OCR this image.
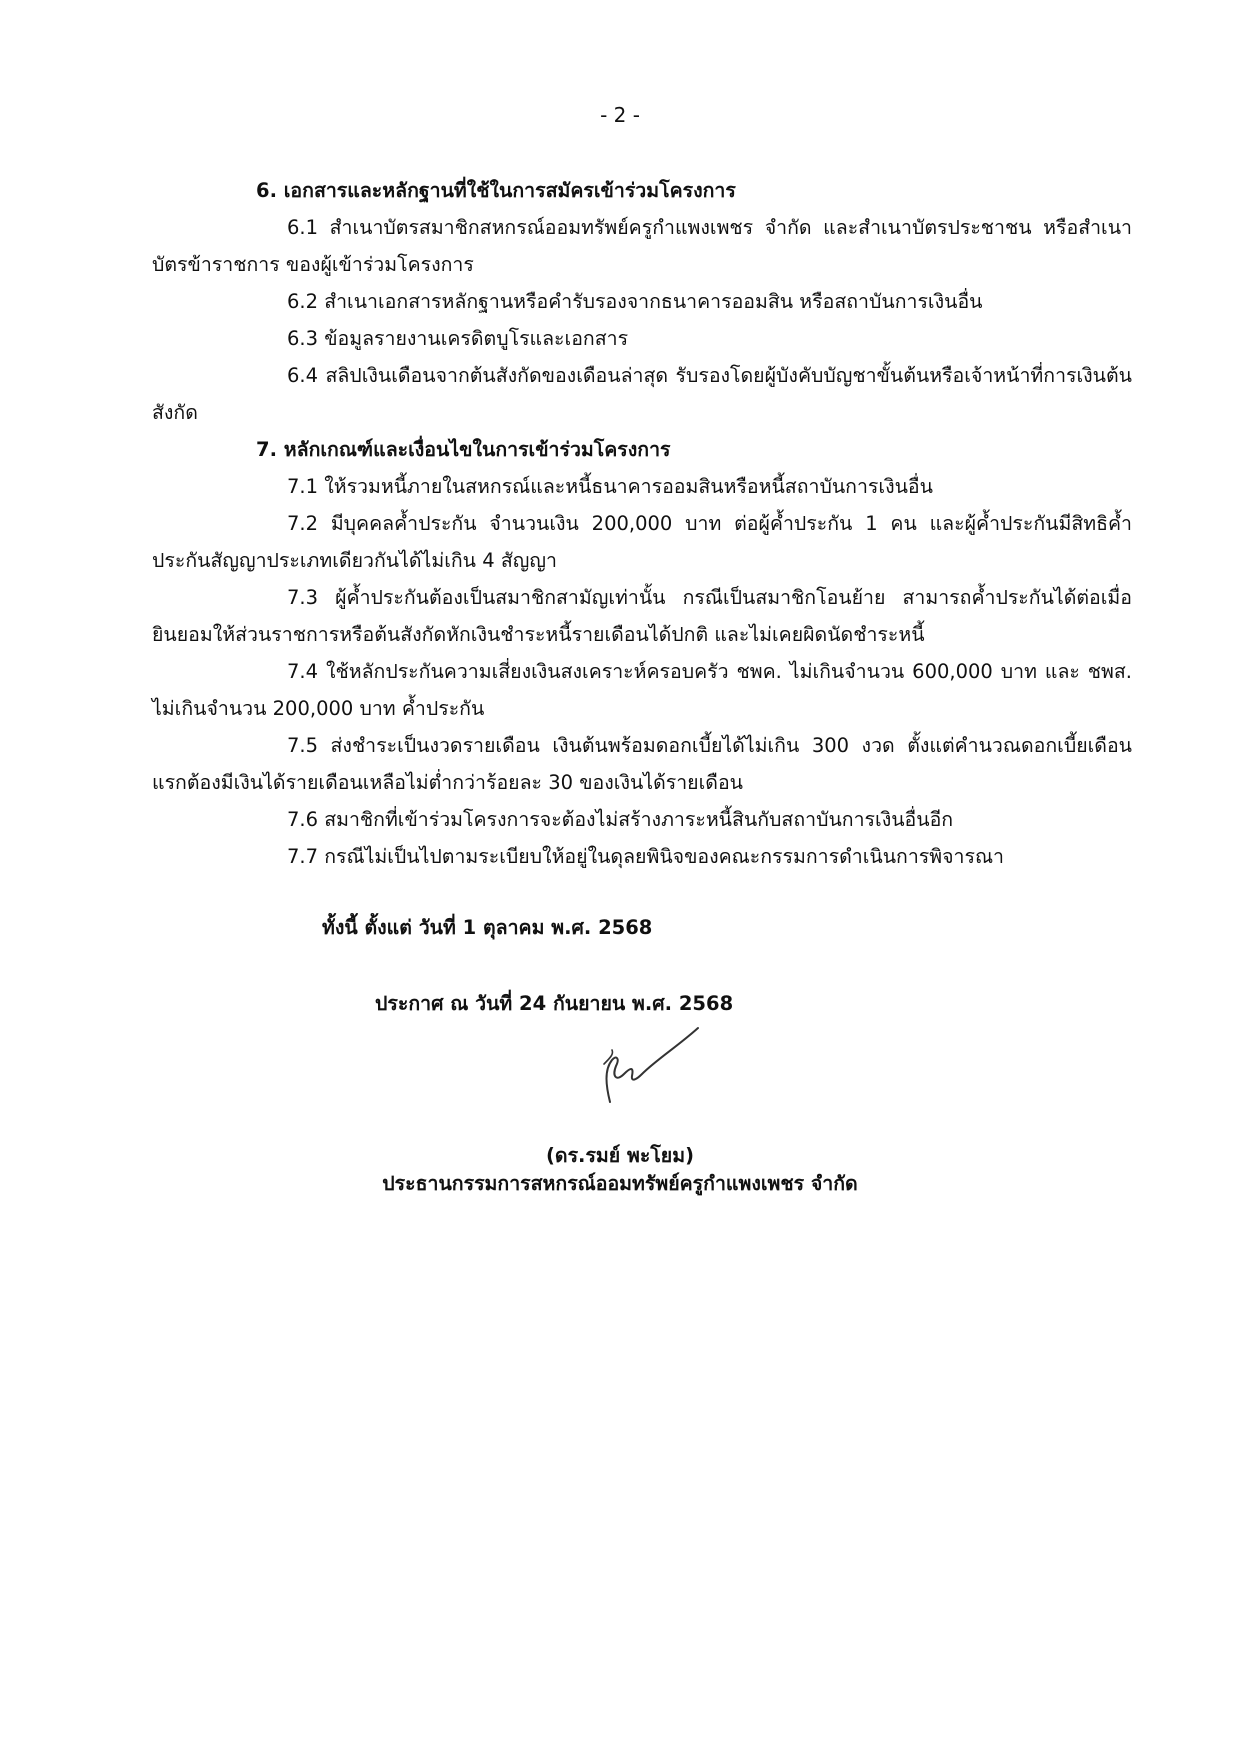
- 2 -
6. เอกสารและหลักฐานที่ใช้ในการสมัครเข้าร่วมโครงการ
6.1 สำเนาบัตรสมาชิกสหกรณ์ออมทรัพย์ครูกำแพงเพชร จำกัด และสำเนาบัตรประชาชน หรือสำเนาบัตรข้าราชการ ของผู้เข้าร่วมโครงการ
6.2 สำเนาเอกสารหลักฐานหรือคำรับรองจากธนาคารออมสิน หรือสถาบันการเงินอื่น
6.3 ข้อมูลรายงานเครดิตบูโรและเอกสาร
6.4 สลิปเงินเดือนจากต้นสังกัดของเดือนล่าสุด รับรองโดยผู้บังคับบัญชาขั้นต้นหรือเจ้าหน้าที่การเงินต้นสังกัด
7. หลักเกณฑ์และเงื่อนไขในการเข้าร่วมโครงการ
7.1 ให้รวมหนี้ภายในสหกรณ์และหนี้ธนาคารออมสินหรือหนี้สถาบันการเงินอื่น
7.2 มีบุคคลค้ำประกัน จำนวนเงิน 200,000 บาท ต่อผู้ค้ำประกัน 1 คน และผู้ค้ำประกันมีสิทธิค้ำประกันสัญญาประเภทเดียวกันได้ไม่เกิน 4 สัญญา
7.3 ผู้ค้ำประกันต้องเป็นสมาชิกสามัญเท่านั้น กรณีเป็นสมาชิกโอนย้าย สามารถค้ำประกันได้ต่อเมื่อยินยอมให้ส่วนราชการหรือต้นสังกัดหักเงินชำระหนี้รายเดือนได้ปกติ และไม่เคยผิดนัดชำระหนี้
7.4 ใช้หลักประกันความเสี่ยงเงินสงเคราะห์ครอบครัว ชพค. ไม่เกินจำนวน 600,000 บาท และ ชพส. ไม่เกินจำนวน 200,000 บาท ค้ำประกัน
7.5 ส่งชำระเป็นงวดรายเดือน เงินต้นพร้อมดอกเบี้ยได้ไม่เกิน 300 งวด ตั้งแต่คำนวณดอกเบี้ยเดือนแรกต้องมีเงินได้รายเดือนเหลือไม่ต่ำกว่าร้อยละ 30 ของเงินได้รายเดือน
7.6 สมาชิกที่เข้าร่วมโครงการจะต้องไม่สร้างภาระหนี้สินกับสถาบันการเงินอื่นอีก
7.7 กรณีไม่เป็นไปตามระเบียบให้อยู่ในดุลยพินิจของคณะกรรมการดำเนินการพิจารณา
ทั้งนี้ ตั้งแต่ วันที่ 1 ตุลาคม พ.ศ. 2568
ประกาศ ณ วันที่ 24 กันยายน พ.ศ. 2568
(ดร.รมย์ พะโยม)
ประธานกรรมการสหกรณ์ออมทรัพย์ครูกำแพงเพชร จำกัด
